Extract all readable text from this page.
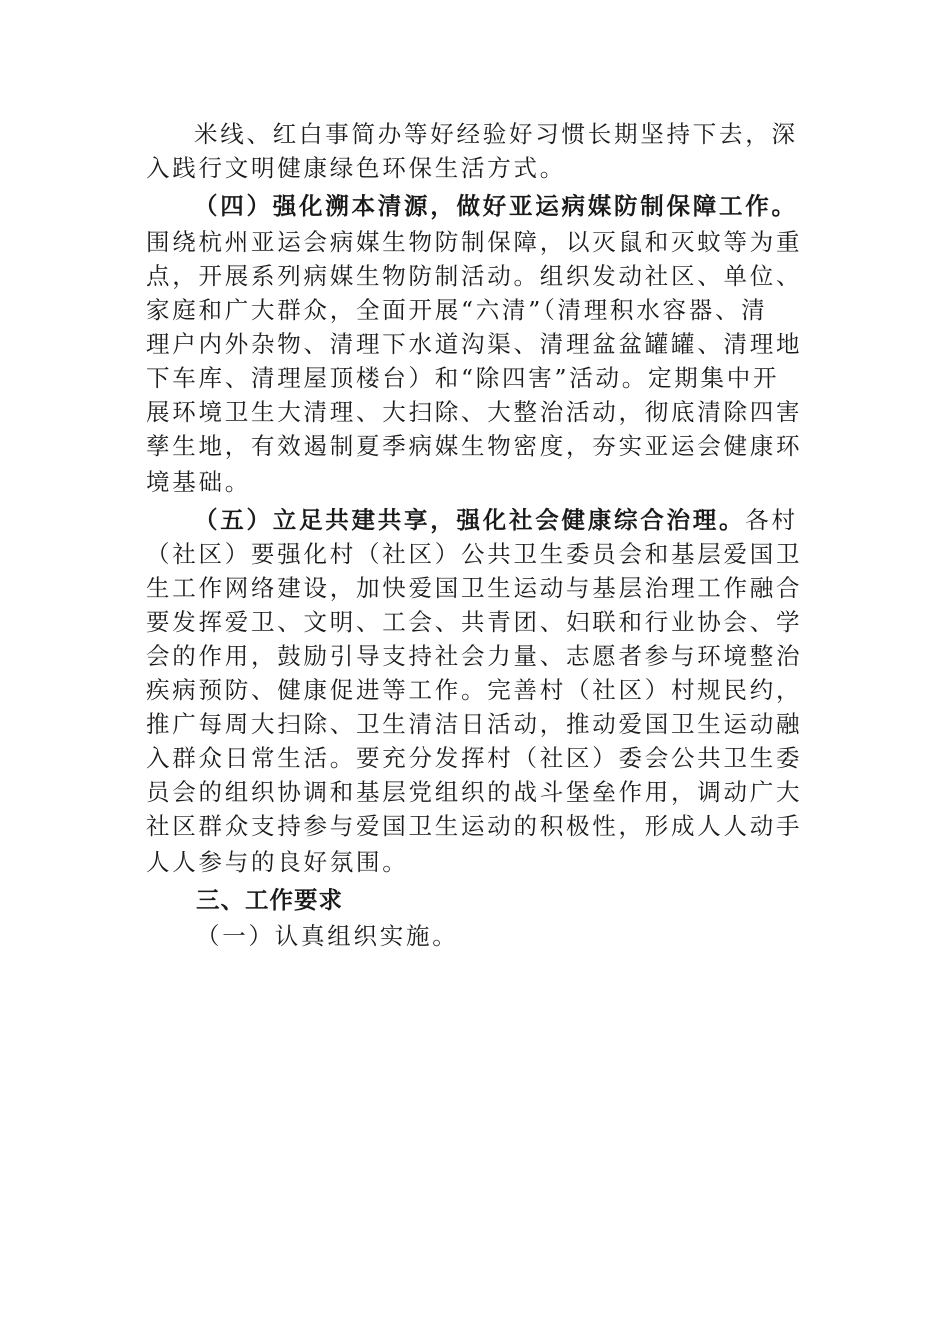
米线、红白事简办等好经验好习惯长期坚持下去，深
入践行文明健康绿色环保生活方式。
（四）强化溯本清源，做好亚运病媒防制保障工作。
围绕杭州亚运会病媒生物防制保障，以灭鼠和灭蚊等为重
点，开展系列病媒生物防制活动。组织发动社区、单位、
家庭和广大群众，全面开展“六清”（清理积水容器、清
理户内外杂物、清理下水道沟渠、清理盆盆罐罐、清理地
下车库、清理屋顶楼台）和“除四害”活动。定期集中开
展环境卫生大清理、大扫除、大整治活动，彻底清除四害
孳生地，有效遏制夏季病媒生物密度，夯实亚运会健康环
境基础。
（五）立足共建共享，强化社会健康综合治理。各村
（社区）要强化村（社区）公共卫生委员会和基层爱国卫
生工作网络建设，加快爱国卫生运动与基层治理工作融合
要发挥爱卫、文明、工会、共青团、妇联和行业协会、学
会的作用，鼓励引导支持社会力量、志愿者参与环境整治
疾病预防、健康促进等工作。完善村（社区）村规民约，
推广每周大扫除、卫生清洁日活动，推动爱国卫生运动融
入群众日常生活。要充分发挥村（社区）委会公共卫生委
员会的组织协调和基层党组织的战斗堡垒作用，调动广大
社区群众支持参与爱国卫生运动的积极性，形成人人动手
人人参与的良好氛围。
三、工作要求
（一）认真组织实施。
